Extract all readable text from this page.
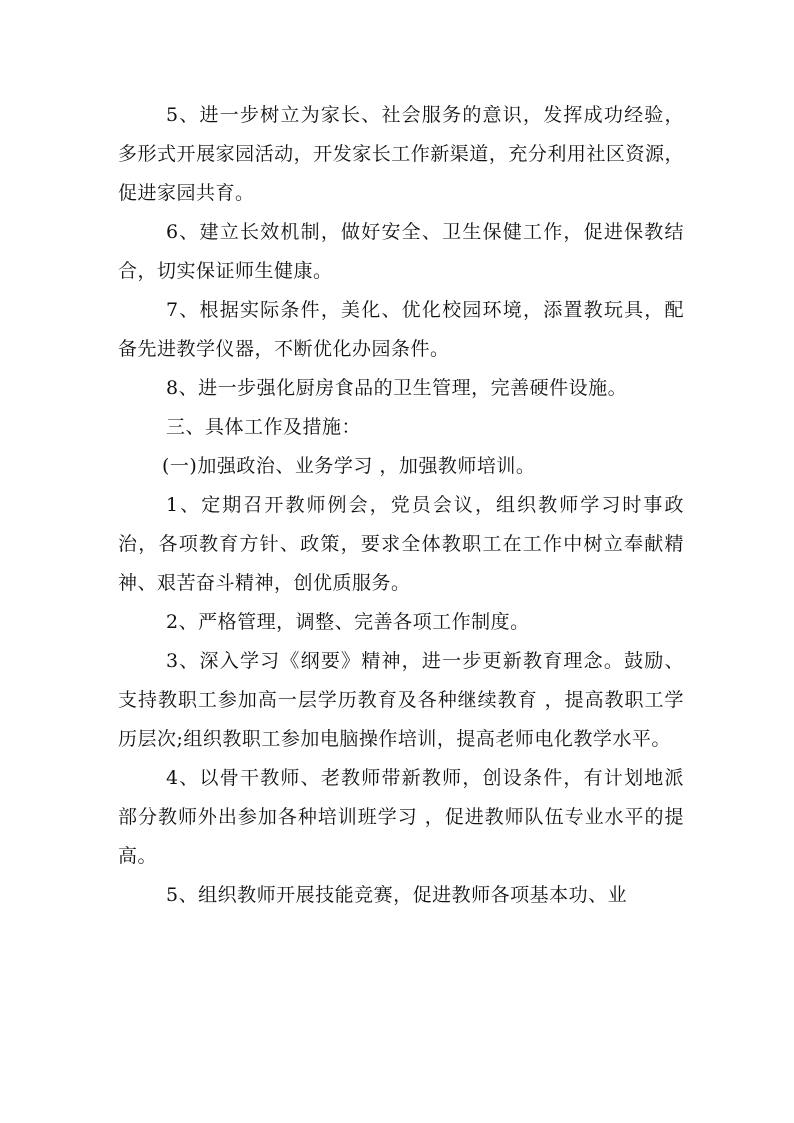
5、进一步树立为家长、社会服务的意识，发挥成功经验，多形式开展家园活动，开发家长工作新渠道，充分利用社区资源，促进家园共育。

6、建立长效机制，做好安全、卫生保健工作，促进保教结合，切实保证师生健康。

7、根据实际条件，美化、优化校园环境，添置教玩具，配备先进教学仪器，不断优化办园条件。

8、进一步强化厨房食品的卫生管理，完善硬件设施。

三、具体工作及措施：

(一)加强政治、业务学习 ，加强教师培训。

1、定期召开教师例会，党员会议，组织教师学习时事政治，各项教育方针、政策，要求全体教职工在工作中树立奉献精神、艰苦奋斗精神，创优质服务。

2、严格管理，调整、完善各项工作制度。

3、深入学习《纲要》精神，进一步更新教育理念。鼓励、支持教职工参加高一层学历教育及各种继续教育 ，提高教职工学历层次;组织教职工参加电脑操作培训，提高老师电化教学水平。

4、以骨干教师、老教师带新教师，创设条件，有计划地派部分教师外出参加各种培训班学习 ，促进教师队伍专业水平的提高。

5、组织教师开展技能竞赛，促进教师各项基本功、业
